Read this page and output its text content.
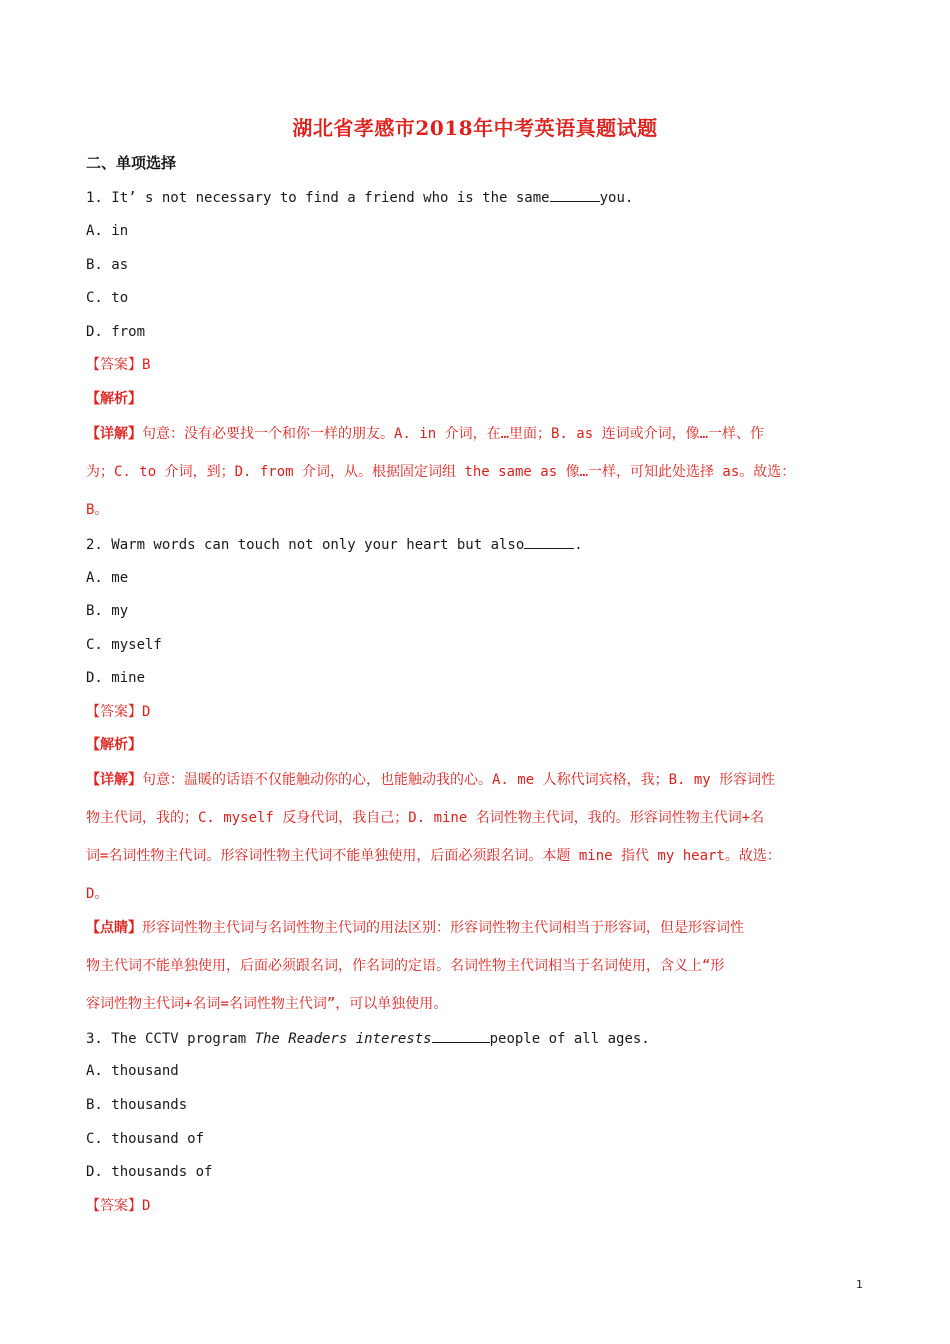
湖北省孝感市2018年中考英语真题试题
二、单项选择
1. It’ s not necessary to find a friend who is the same	you.
A. in
B. as
C. to
D. from
【答案】B
【解析】
【详解】句意：没有必要找一个和你一样的朋友。A. in 介词，在…里面；B. as 连词或介词，像…一样、作
为；C. to 介词，到；D. from 介词，从。根据固定词组 the same as 像…一样，可知此处选择 as。故选：
B。
2. Warm words can touch not only your heart but also	.
A. me
B. my
C. myself
D. mine
【答案】D
【解析】
【详解】句意：温暖的话语不仅能触动你的心，也能触动我的心。A. me 人称代词宾格，我；B. my 形容词性
物主代词，我的；C. myself 反身代词，我自己；D. mine 名词性物主代词，我的。形容词性物主代词+名
词=名词性物主代词。形容词性物主代词不能单独使用，后面必须跟名词。本题 mine 指代 my heart。故选：
D。
【点睛】形容词性物主代词与名词性物主代词的用法区别：形容词性物主代词相当于形容词，但是形容词性
物主代词不能单独使用，后面必须跟名词，作名词的定语。名词性物主代词相当于名词使用，含义上“形
容词性物主代词+名词=名词性物主代词”，可以单独使用。
3. The CCTV program The Readers interests	people of all ages.
A. thousand
B. thousands
C. thousand of
D. thousands of
【答案】D
1
